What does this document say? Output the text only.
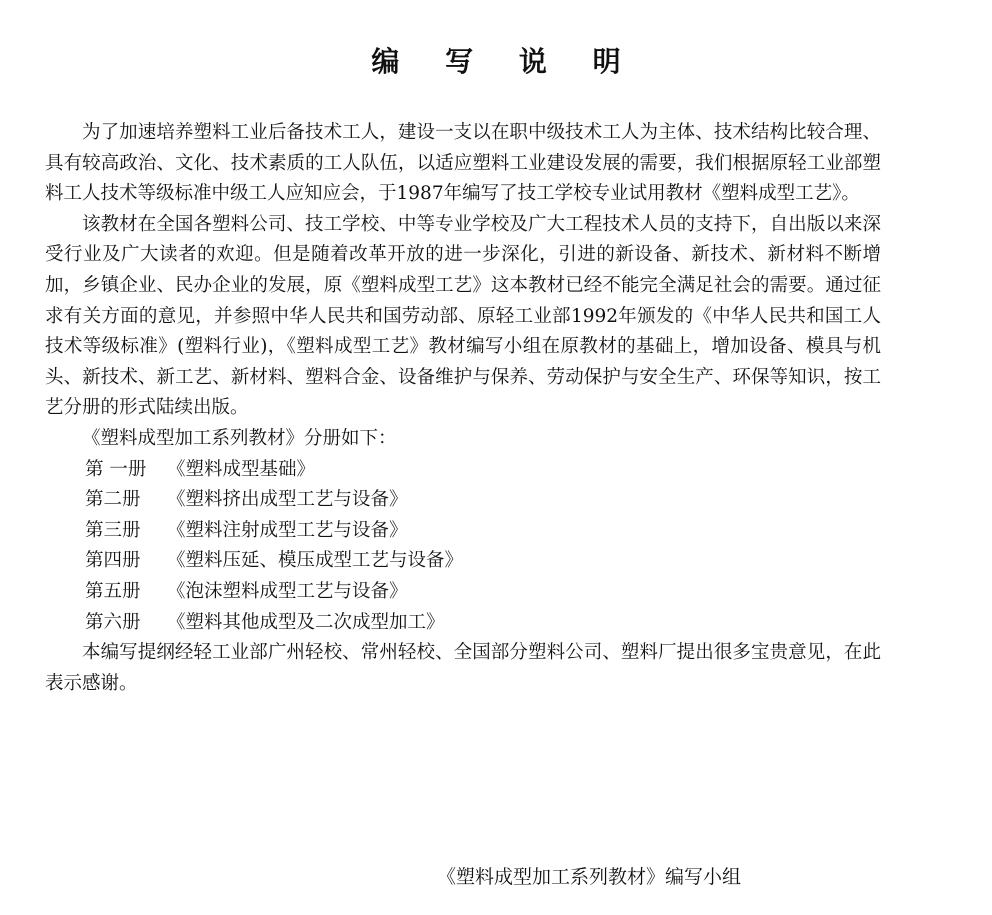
编 写 说 明

为了加速培养塑料工业后备技术工人，建设一支以在职中级技术工人为主体、技术结构比较合理、具有较高政治、文化、技术素质的工人队伍，以适应塑料工业建设发展的需要，我们根据原轻工业部塑料工人技术等级标准中级工人应知应会，于1987年编写了技工学校专业试用教材《塑料成型工艺》。

该教材在全国各塑料公司、技工学校、中等专业学校及广大工程技术人员的支持下，自出版以来深受行业及广大读者的欢迎。但是随着改革开放的进一步深化，引进的新设备、新技术、新材料不断增加，乡镇企业、民办企业的发展，原《塑料成型工艺》这本教材已经不能完全满足社会的需要。通过征求有关方面的意见，并参照中华人民共和国劳动部、原轻工业部1992年颁发的《中华人民共和国工人技术等级标准》(塑料行业)，《塑料成型工艺》教材编写小组在原教材的基础上，增加设备、模具与机头、新技术、新工艺、新材料、塑料合金、设备维护与保养、劳动保护与安全生产、环保等知识，按工艺分册的形式陆续出版。

《塑料成型加工系列教材》分册如下：

第 一册 《塑料成型基础》
第二册 《塑料挤出成型工艺与设备》
第三册 《塑料注射成型工艺与设备》
第四册 《塑料压延、模压成型工艺与设备》
第五册 《泡沫塑料成型工艺与设备》
第六册 《塑料其他成型及二次成型加工》

本编写提纲经轻工业部广州轻校、常州轻校、全国部分塑料公司、塑料厂提出很多宝贵意见，在此表示感谢。

《塑料成型加工系列教材》编写小组
